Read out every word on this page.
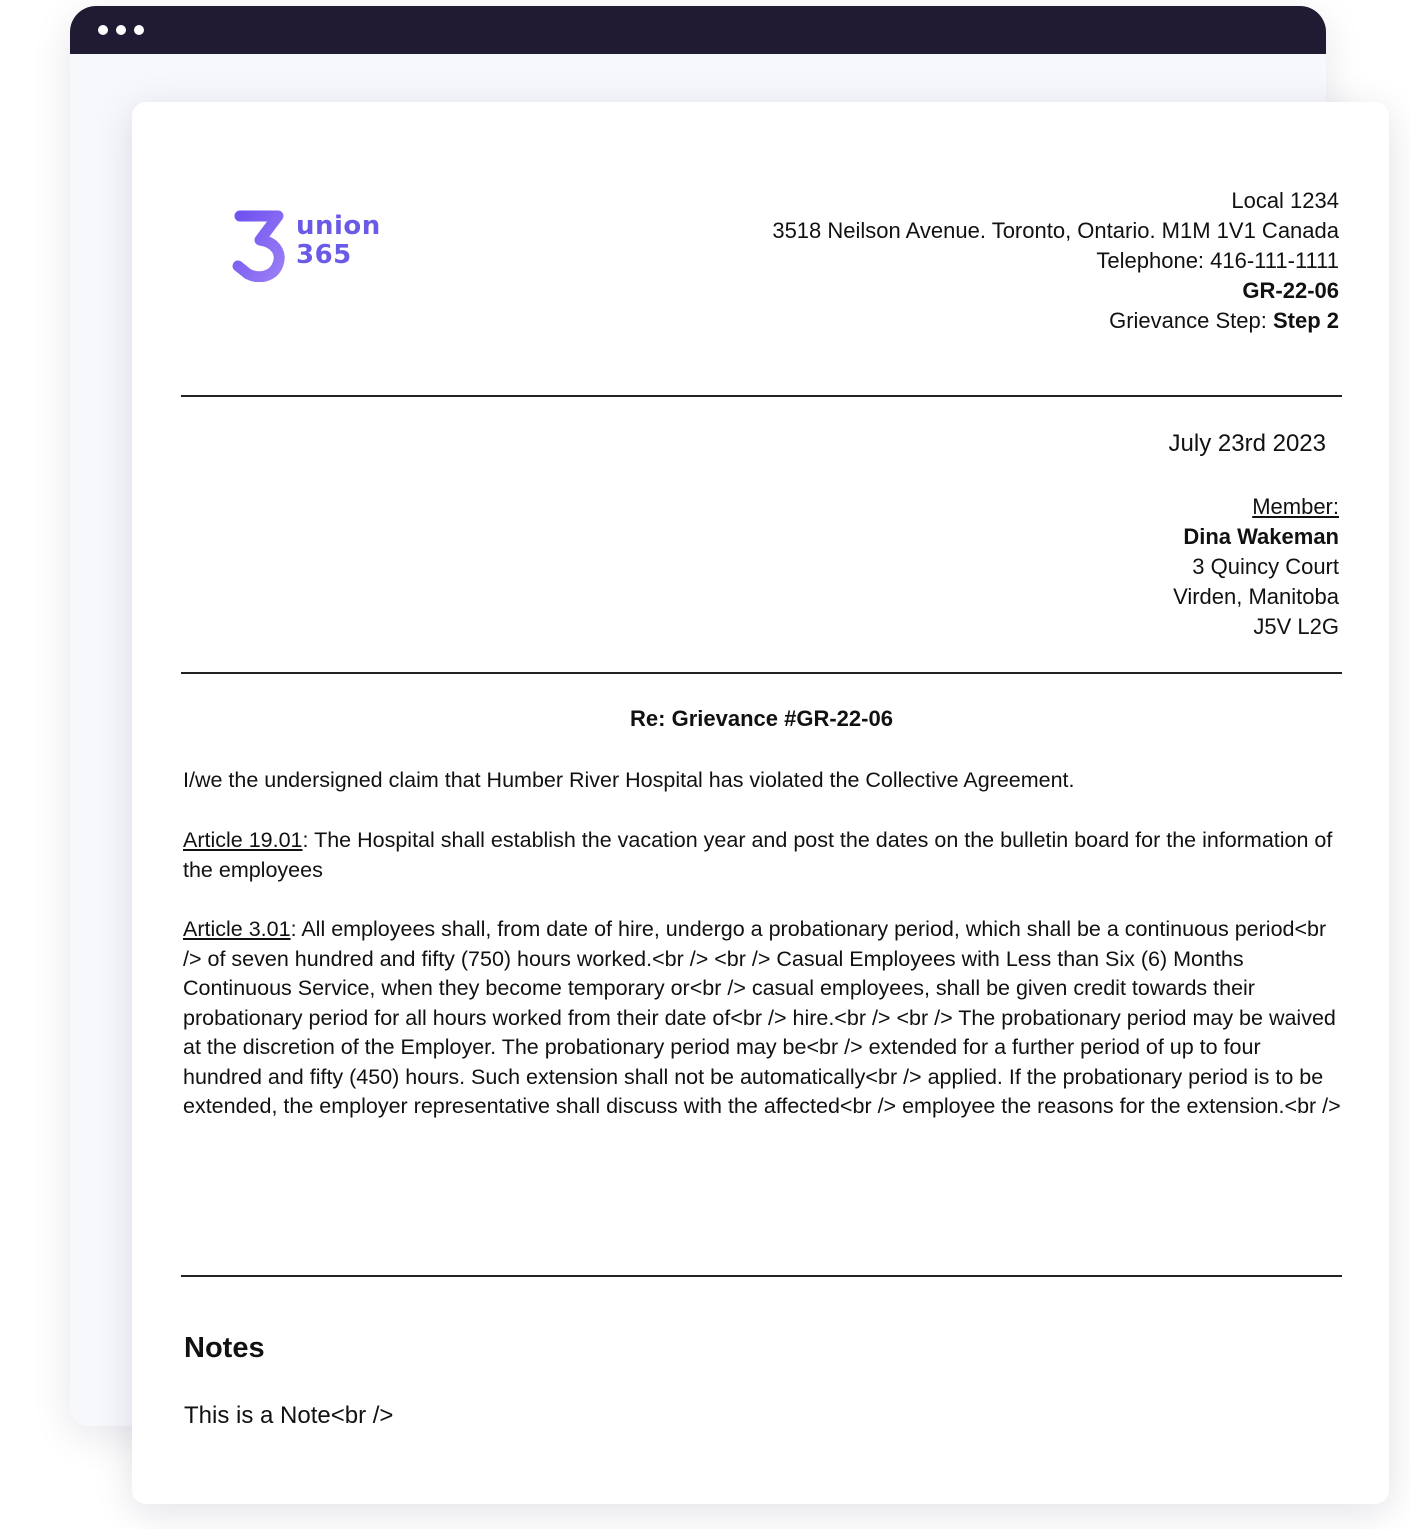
union
365
Local 1234
3518 Neilson Avenue. Toronto, Ontario. M1M 1V1 Canada
Telephone: 416-111-1111
GR-22-06
Grievance Step: Step 2
July 23rd 2023
Member:
Dina Wakeman
3 Quincy Court
Virden, Manitoba
J5V L2G
Re: Grievance #GR-22-06
I/we the undersigned claim that Humber River Hospital has violated the Collective Agreement.
Article 19.01: The Hospital shall establish the vacation year and post the dates on the bulletin board for the information of the employees
Article 3.01: All employees shall, from date of hire, undergo a probationary period, which shall be a continuous period<br /> of seven hundred and fifty (750) hours worked.<br /> <br /> Casual Employees with Less than Six (6) Months Continuous Service, when they become temporary or<br /> casual employees, shall be given credit towards their probationary period for all hours worked from their date of<br /> hire.<br /> <br /> The probationary period may be waived at the discretion of the Employer. The probationary period may be<br /> extended for a further period of up to four hundred and fifty (450) hours. Such extension shall not be automatically<br /> applied. If the probationary period is to be extended, the employer representative shall discuss with the affected<br /> employee the reasons for the extension.<br />
Notes
This is a Note<br />
